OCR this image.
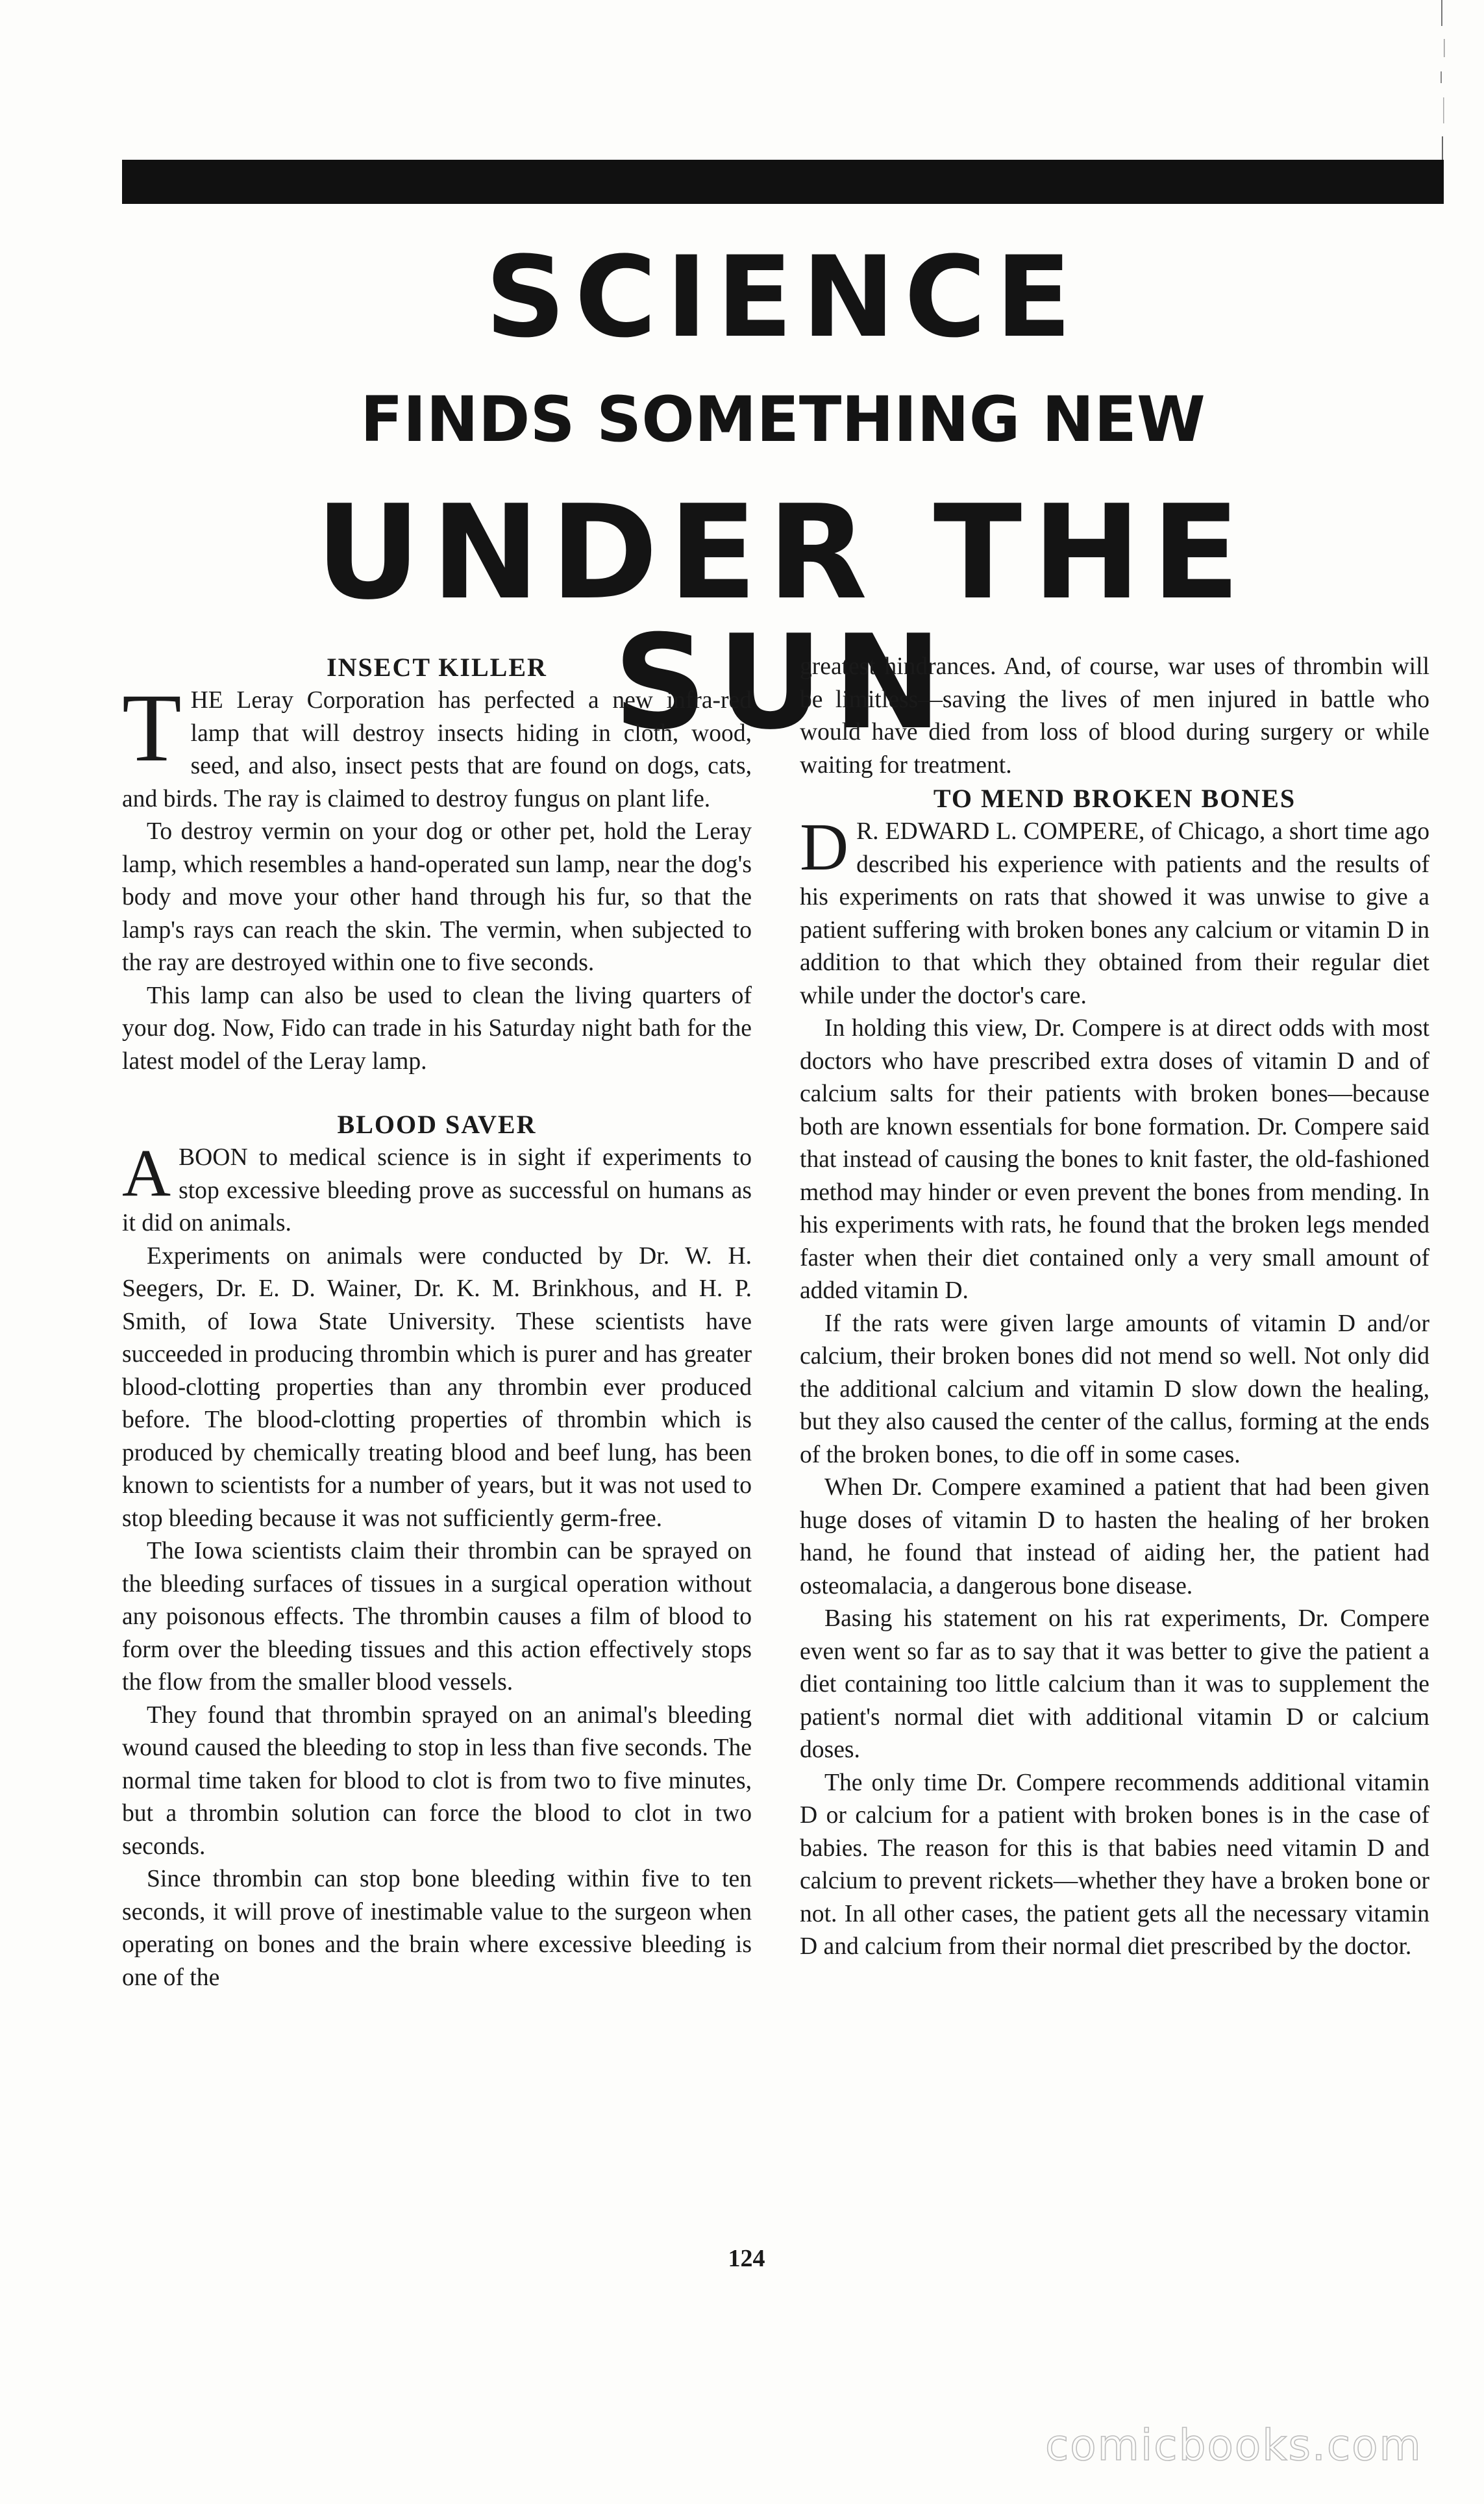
SCIENCE
FINDS SOMETHING NEW
UNDER THE SUN
INSECT KILLER

THE Leray Corporation has perfected a new infra-red lamp that will destroy insects hiding in cloth, wood, seed, and also, insect pests that are found on dogs, cats, and birds. The ray is claimed to destroy fungus on plant life.

To destroy vermin on your dog or other pet, hold the Leray lamp, which resembles a hand-operated sun lamp, near the dog's body and move your other hand through his fur, so that the lamp's rays can reach the skin. The vermin, when subjected to the ray are destroyed within one to five seconds.

This lamp can also be used to clean the living quarters of your dog. Now, Fido can trade in his Saturday night bath for the latest model of the Leray lamp.

BLOOD SAVER

ABOON to medical science is in sight if experiments to stop excessive bleeding prove as successful on humans as it did on animals.

Experiments on animals were conducted by Dr. W. H. Seegers, Dr. E. D. Wainer, Dr. K. M. Brinkhous, and H. P. Smith, of Iowa State University. These scientists have succeeded in producing thrombin which is purer and has greater blood-clotting properties than any thrombin ever produced before. The blood-clotting properties of thrombin which is produced by chemically treating blood and beef lung, has been known to scientists for a number of years, but it was not used to stop bleeding because it was not sufficiently germ-free.

The Iowa scientists claim their thrombin can be sprayed on the bleeding surfaces of tissues in a surgical operation without any poisonous effects. The thrombin causes a film of blood to form over the bleeding tissues and this action effectively stops the flow from the smaller blood vessels.

They found that thrombin sprayed on an animal's bleeding wound caused the bleeding to stop in less than five seconds. The normal time taken for blood to clot is from two to five minutes, but a thrombin solution can force the blood to clot in two seconds.

Since thrombin can stop bone bleeding within five to ten seconds, it will prove of inestimable value to the surgeon when operating on bones and the brain where excessive bleeding is one of the

greatest hindrances. And, of course, war uses of thrombin will be limitless—saving the lives of men injured in battle who would have died from loss of blood during surgery or while waiting for treatment.

TO MEND BROKEN BONES

D R. EDWARD L. COMPERE, of Chicago, a short time ago described his experience with patients and the results of his experiments on rats that showed it was unwise to give a patient suffering with broken bones any calcium or vitamin D in addition to that which they obtained from their regular diet while under the doctor's care.

In holding this view, Dr. Compere is at direct odds with most doctors who have prescribed extra doses of vitamin D and of calcium salts for their patients with broken bones—because both are known essentials for bone formation. Dr. Compere said that instead of causing the bones to knit faster, the old-fashioned method may hinder or even prevent the bones from mending. In his experiments with rats, he found that the broken legs mended faster when their diet contained only a very small amount of added vitamin D.

If the rats were given large amounts of vitamin D and/or calcium, their broken bones did not mend so well. Not only did the additional calcium and vitamin D slow down the healing, but they also caused the center of the callus, forming at the ends of the broken bones, to die off in some cases.

When Dr. Compere examined a patient that had been given huge doses of vitamin D to hasten the healing of her broken hand, he found that instead of aiding her, the patient had osteomalacia, a dangerous bone disease.

Basing his statement on his rat experiments, Dr. Compere even went so far as to say that it was better to give the patient a diet containing too little calcium than it was to supplement the patient's normal diet with additional vitamin D or calcium doses.

The only time Dr. Compere recommends additional vitamin D or calcium for a patient with broken bones is in the case of babies. The reason for this is that babies need vitamin D and calcium to prevent rickets—whether they have a broken bone or not. In all other cases, the patient gets all the necessary vitamin D and calcium from their normal diet prescribed by the doctor.

124
comicbooks.com
